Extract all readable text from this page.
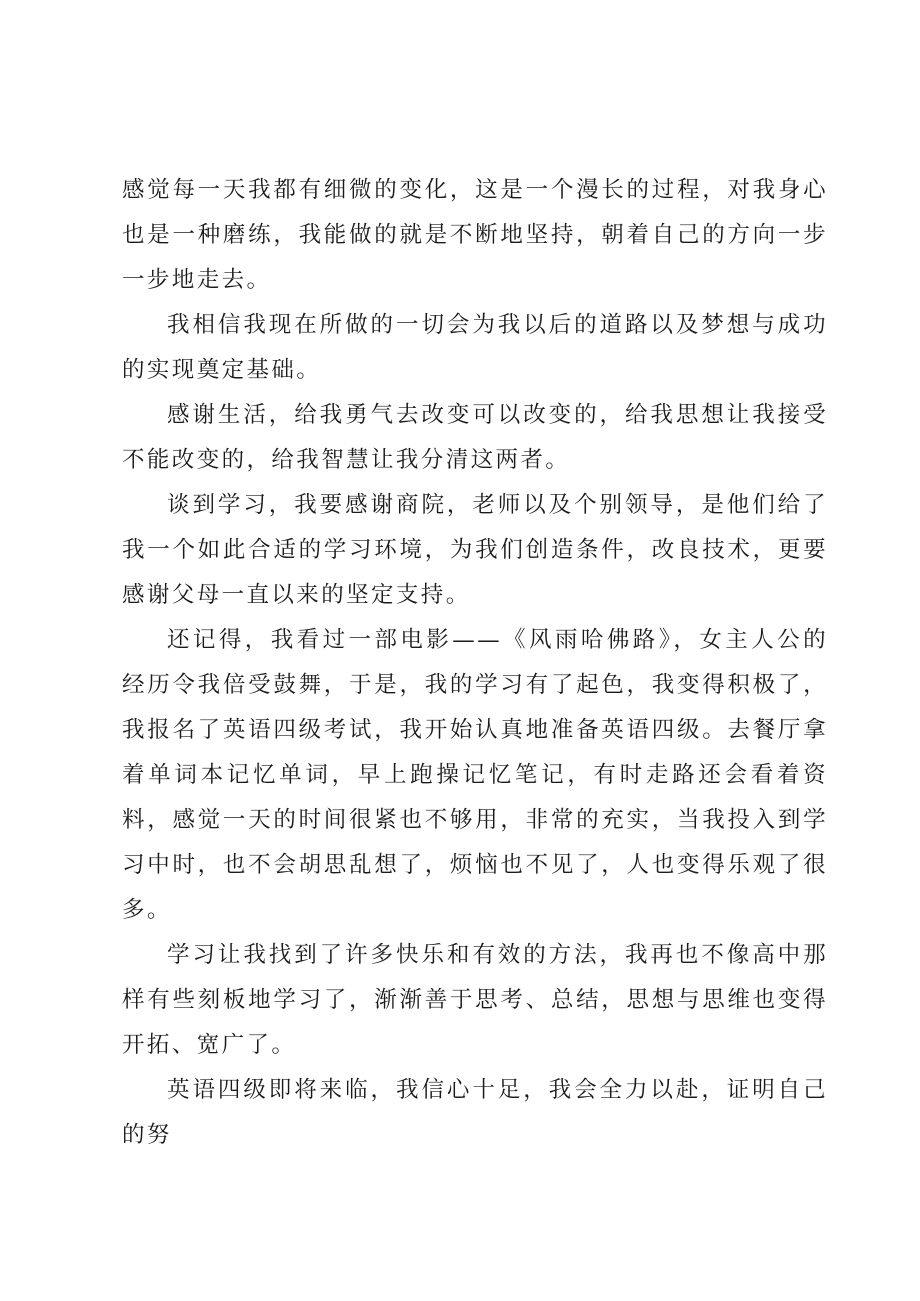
感觉每一天我都有细微的变化，这是一个漫长的过程，对我身心也是一种磨练，我能做的就是不断地坚持，朝着自己的方向一步一步地走去。

我相信我现在所做的一切会为我以后的道路以及梦想与成功的实现奠定基础。

感谢生活，给我勇气去改变可以改变的，给我思想让我接受不能改变的，给我智慧让我分清这两者。

谈到学习，我要感谢商院，老师以及个别领导，是他们给了我一个如此合适的学习环境，为我们创造条件，改良技术，更要感谢父母一直以来的坚定支持。

还记得，我看过一部电影——《风雨哈佛路》，女主人公的经历令我倍受鼓舞，于是，我的学习有了起色，我变得积极了，我报名了英语四级考试，我开始认真地准备英语四级。去餐厅拿着单词本记忆单词，早上跑操记忆笔记，有时走路还会看着资料，感觉一天的时间很紧也不够用，非常的充实，当我投入到学习中时，也不会胡思乱想了，烦恼也不见了，人也变得乐观了很多。

学习让我找到了许多快乐和有效的方法，我再也不像高中那样有些刻板地学习了，渐渐善于思考、总结，思想与思维也变得开拓、宽广了。

英语四级即将来临，我信心十足，我会全力以赴，证明自己的努
